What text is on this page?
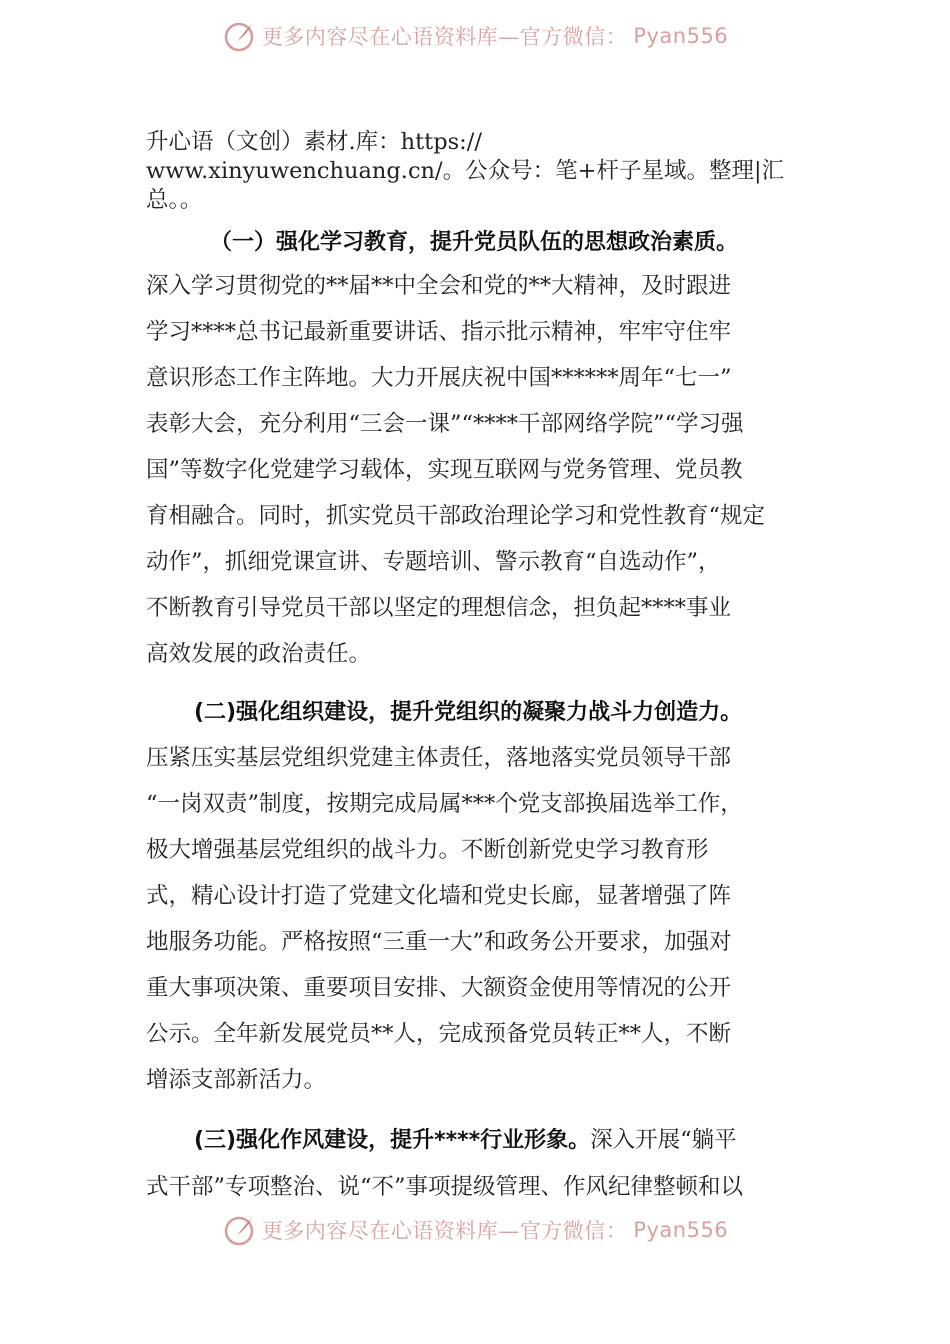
更多内容尽在心语资料库—官方微信： Pyan556
升心语（文创）素材.库：https://
www.xinyuwenchuang.cn/。公众号：笔+杆子星域。整理|汇
总。。
（一）强化学习教育，提升党员队伍的思想政治素质。
深入学习贯彻党的**届**中全会和党的**大精神，及时跟进
学习****总书记最新重要讲话、指示批示精神，牢牢守住牢
意识形态工作主阵地。大力开展庆祝中国******周年“七一”
表彰大会，充分利用“三会一课”“****干部网络学院”“学习强
国”等数字化党建学习载体，实现互联网与党务管理、党员教
育相融合。同时，抓实党员干部政治理论学习和党性教育“规定
动作”，抓细党课宣讲、专题培训、警示教育“自选动作”，
不断教育引导党员干部以坚定的理想信念，担负起****事业
高效发展的政治责任。
(二)强化组织建设，提升党组织的凝聚力战斗力创造力。
压紧压实基层党组织党建主体责任，落地落实党员领导干部
“一岗双责”制度，按期完成局属***个党支部换届选举工作，
极大增强基层党组织的战斗力。不断创新党史学习教育形
式，精心设计打造了党建文化墙和党史长廊，显著增强了阵
地服务功能。严格按照“三重一大”和政务公开要求，加强对
重大事项决策、重要项目安排、大额资金使用等情况的公开
公示。全年新发展党员**人，完成预备党员转正**人，不断
增添支部新活力。
(三)强化作风建设，提升****行业形象。深入开展“躺平
式干部”专项整治、说“不”事项提级管理、作风纪律整顿和以
更多内容尽在心语资料库—官方微信： Pyan556
